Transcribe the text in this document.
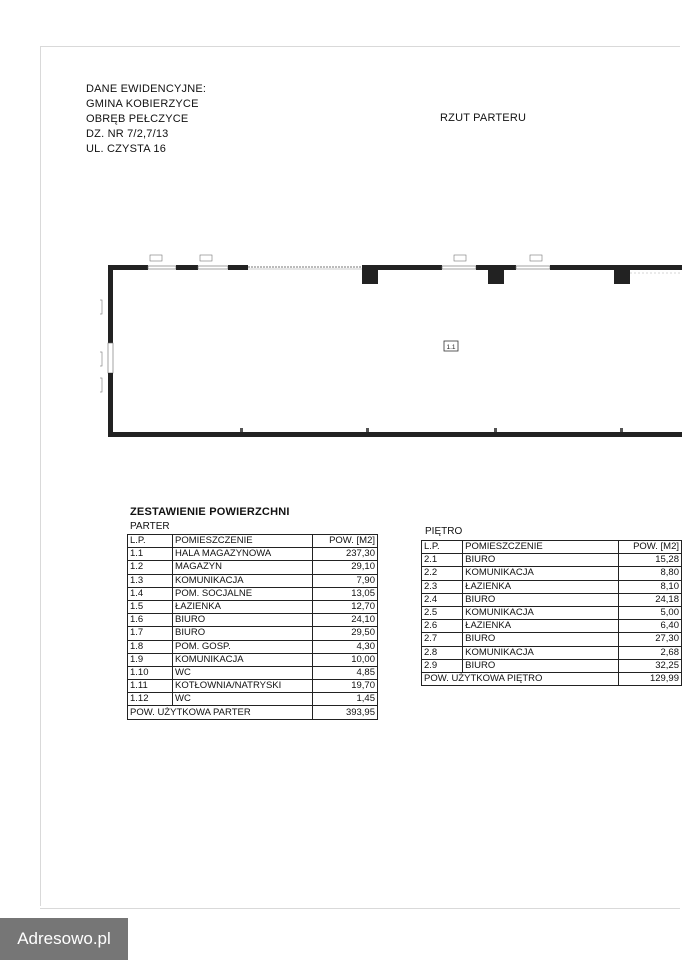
DANE EWIDENCYJNE:
GMINA KOBIERZYCE
OBRĘB PEŁCZYCE
DZ. NR 7/2,7/13
UL. CZYSTA 16
RZUT PARTERU
1.1
ZESTAWIENIE POWIERZCHNI
PARTER
L.P.	POMIESZCZENIE	POW. [M2]
1.1	HALA MAGAZYNOWA	237,30
1.2	MAGAZYN	29,10
1.3	KOMUNIKACJA	7,90
1.4	POM. SOCJALNE	13,05
1.5	ŁAZIENKA	12,70
1.6	BIURO	24,10
1.7	BIURO	29,50
1.8	POM. GOSP.	4,30
1.9	KOMUNIKACJA	10,00
1.10	WC	4,85
1.11	KOTŁOWNIA/NATRYSKI	19,70
1.12	WC	1,45
POW. UŻYTKOWA PARTER		393,95
PIĘTRO
L.P.	POMIESZCZENIE	POW. [M2]
2.1	BIURO	15,28
2.2	KOMUNIKACJA	8,80
2.3	ŁAZIENKA	8,10
2.4	BIURO	24,18
2.5	KOMUNIKACJA	5,00
2.6	ŁAZIENKA	6,40
2.7	BIURO	27,30
2.8	KOMUNIKACJA	2,68
2.9	BIURO	32,25
POW. UŻYTKOWA PIĘTRO		129,99
Adresowo.pl
